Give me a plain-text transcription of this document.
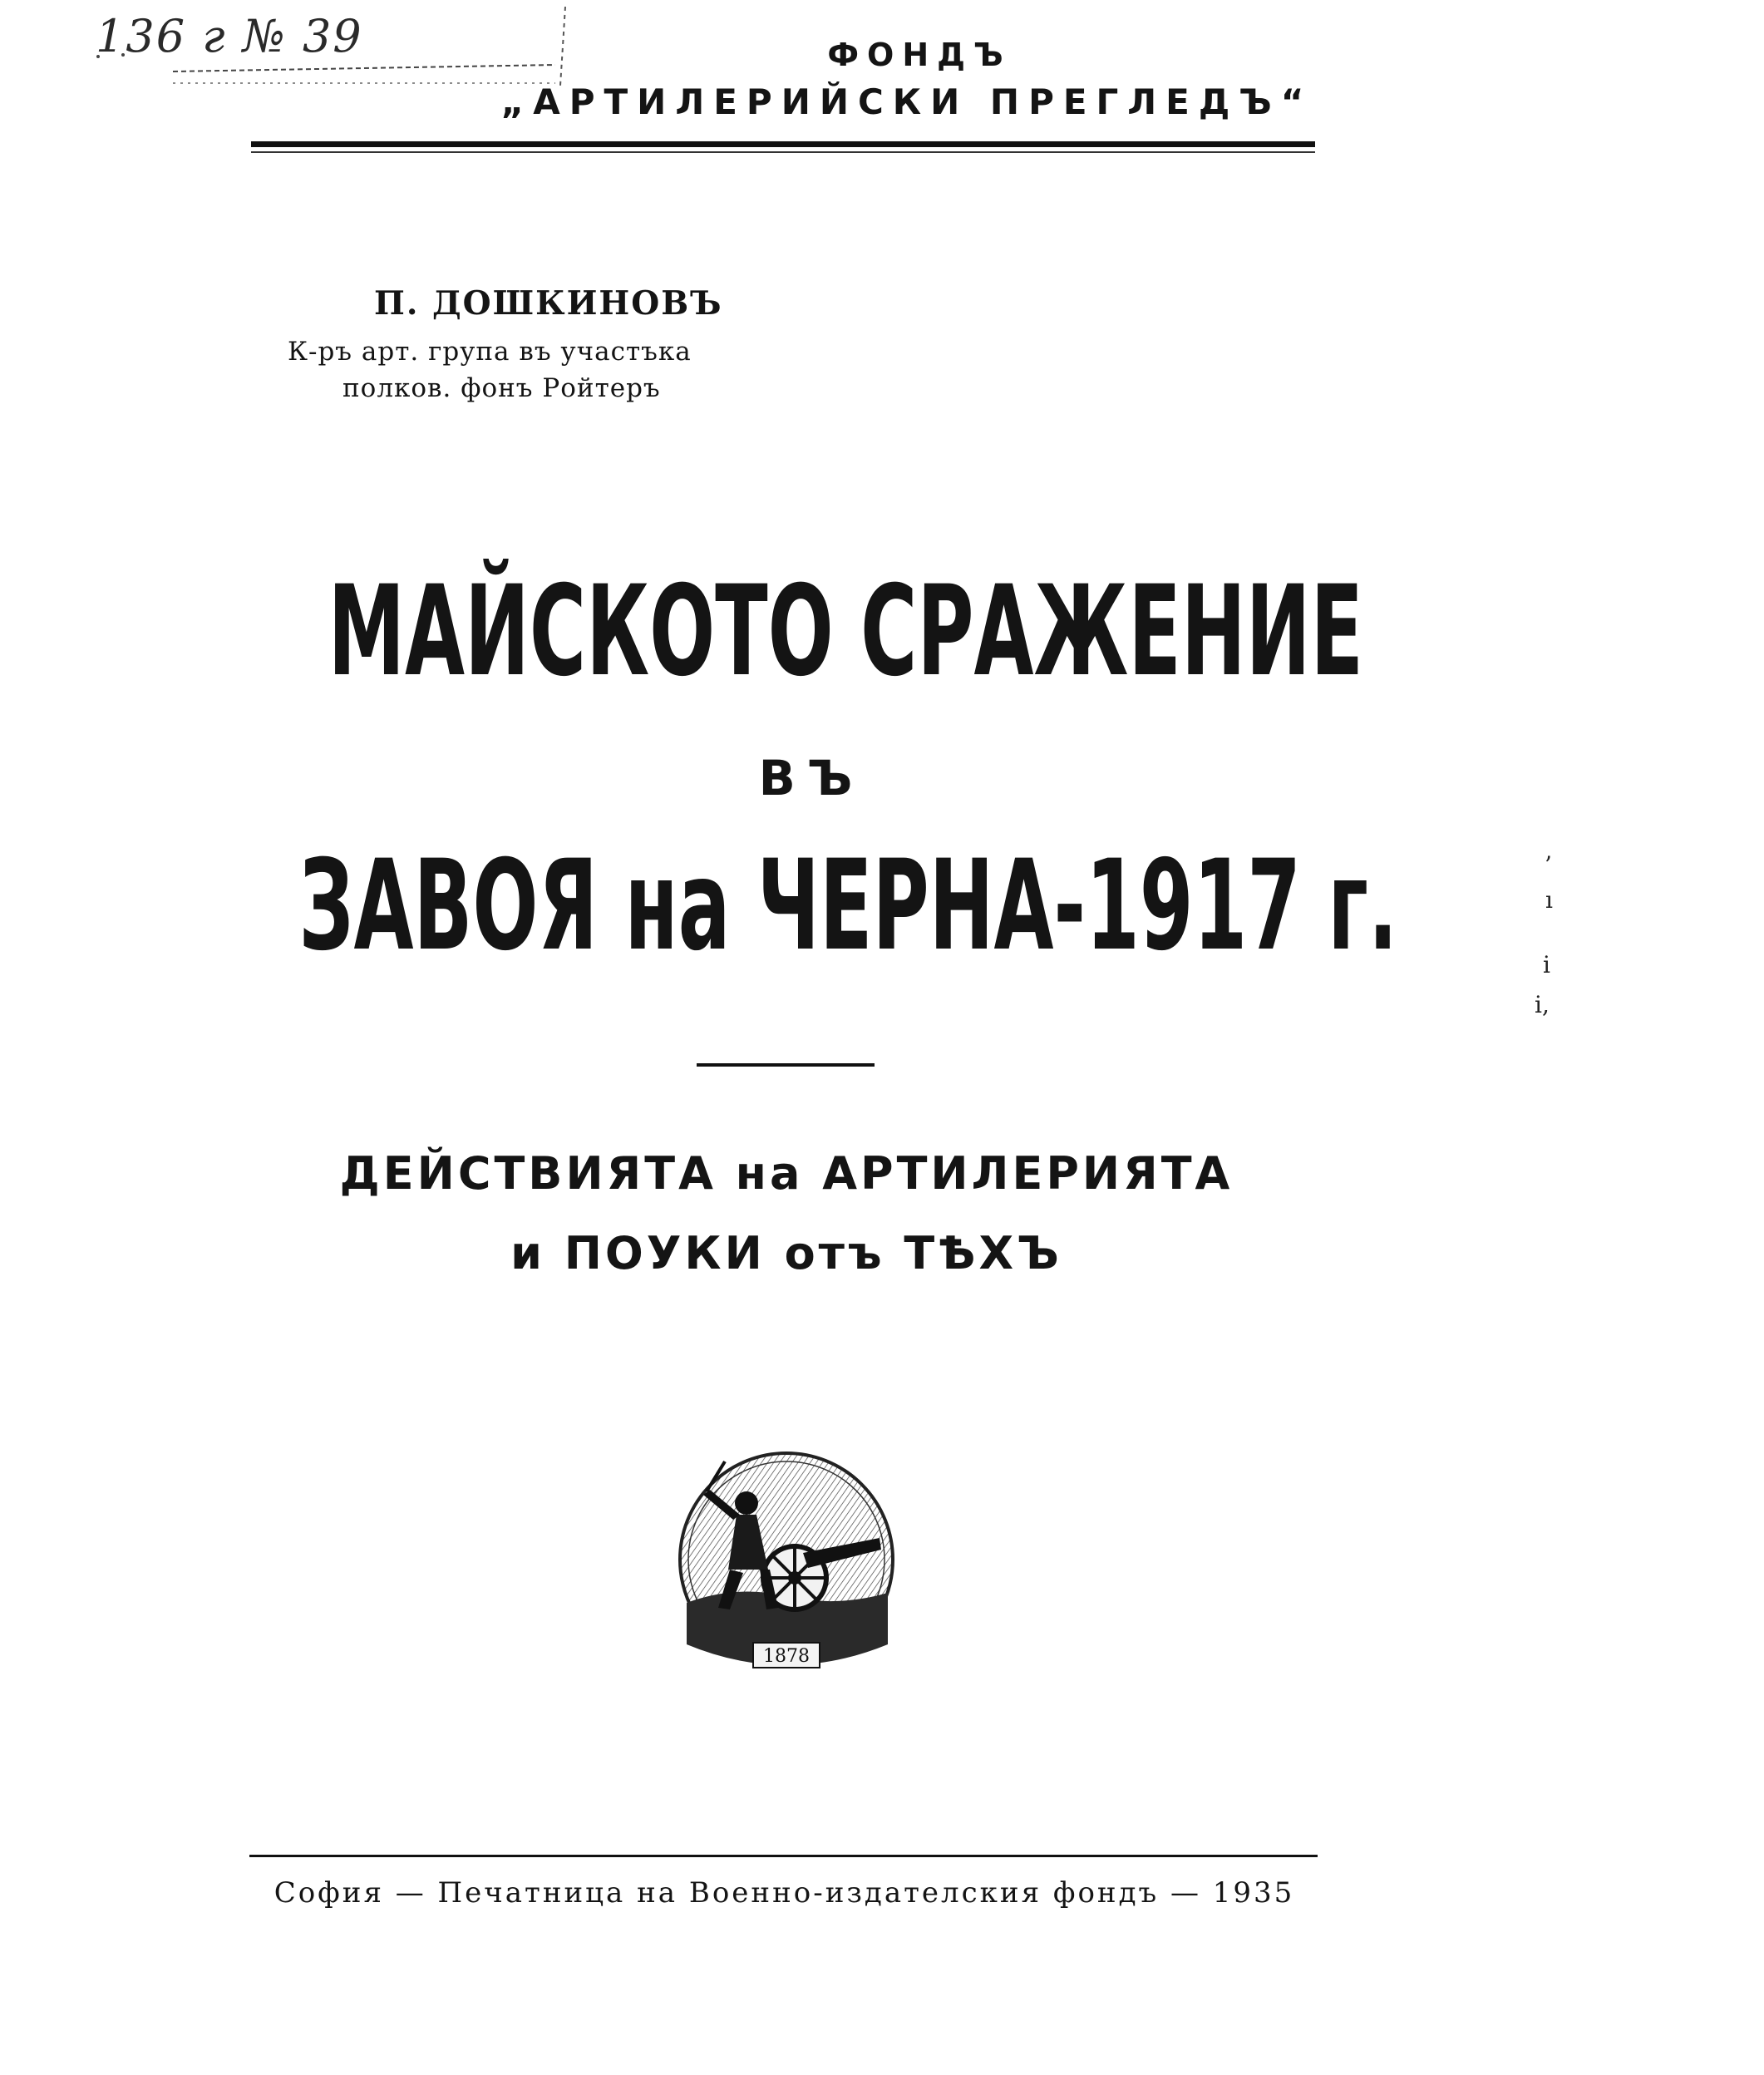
136 г № 39	ФОНДЪ
„АРТИЛЕРИЙСКИ ПРЕГЛЕДЪ“
П. ДОШКИНОВЪ
К-ръ арт. група въ участъка
полков. фонъ Ройтеръ
МАЙСКОТО СРАЖЕНИЕ
ВЪ
ЗАВОЯ на ЧЕРНА-1917 г.
ДЕЙСТВИЯТА на АРТИЛЕРИЯТА
и ПОУКИ отъ ТѢХЪ
1878
София — Печатница на Военно-издателския фондъ — 1935
’
ı
i
i,
